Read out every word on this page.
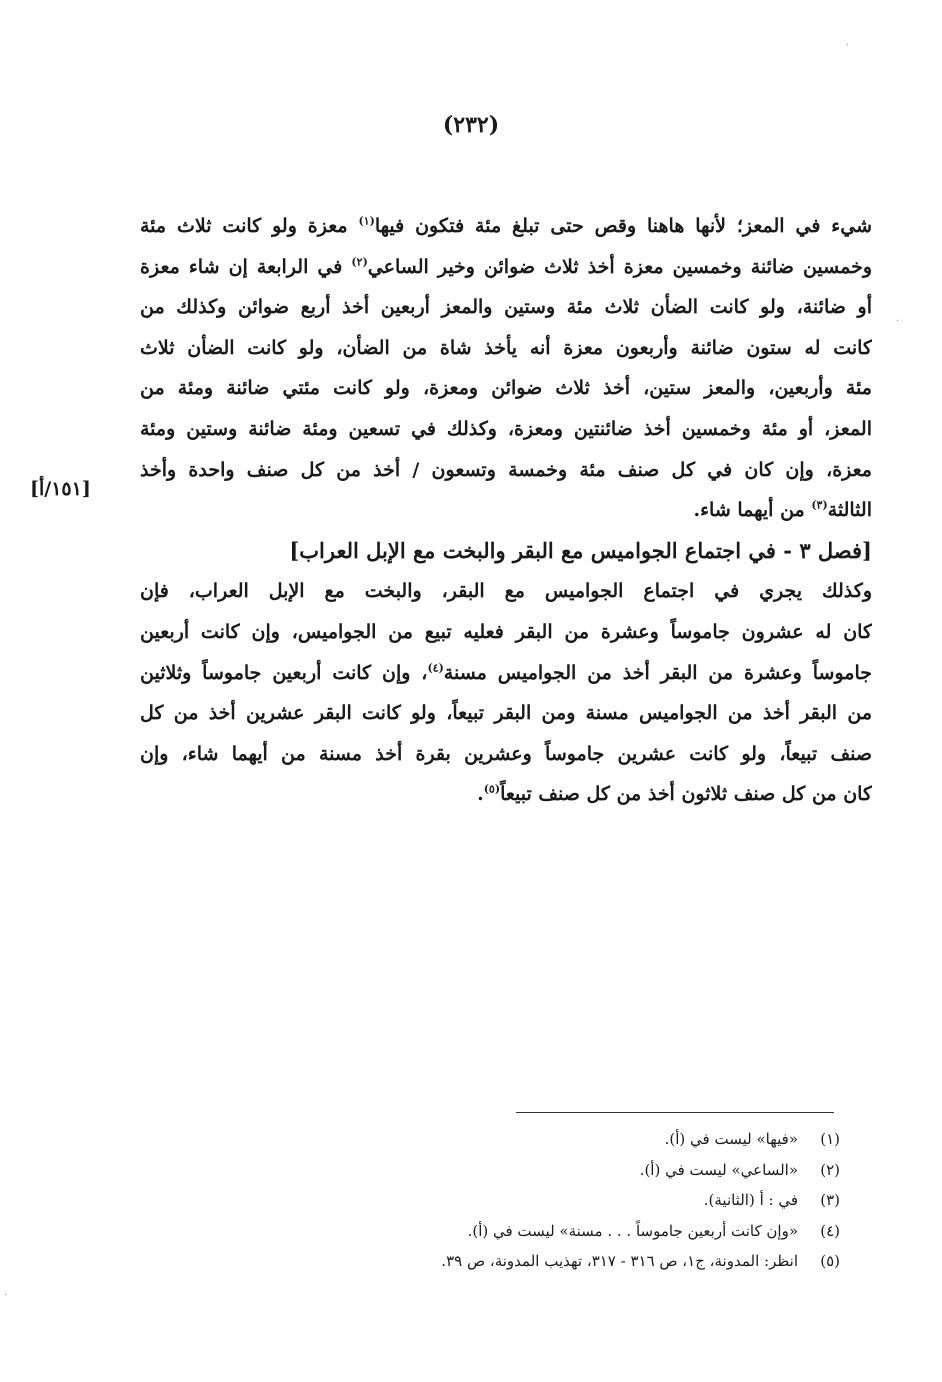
(٢٣٢)
[١٥١/أ]
شيء في المعز؛ لأنها هاهنا وقص حتى تبلغ مئة فتكون فيها$^{(١)}$ معزة ولو كانت ثلاث مئة
وخمسين ضائنة وخمسين معزة أخذ ثلاث ضوائن وخير الساعي$^{(٢)}$ في الرابعة إن شاء معزة
أو ضائنة، ولو كانت الضأن ثلاث مئة وستين والمعز أربعين أخذ أربع ضوائن وكذلك من
كانت له ستون ضائنة وأربعون معزة أنه يأخذ شاة من الضأن، ولو كانت الضأن ثلاث
مئة وأربعين، والمعز ستين، أخذ ثلاث ضوائن ومعزة، ولو كانت مئتي ضائنة ومئة من
المعز، أو مئة وخمسين أخذ ضائنتين ومعزة، وكذلك في تسعين ومئة ضائنة وستين ومئة
معزة، وإن كان في كل صنف مئة وخمسة وتسعون / أخذ من كل صنف واحدة وأخذ
الثالثة$^{(٣)}$ من أيهما شاء.
[فصل ٣ - في اجتماع الجواميس مع البقر والبخت مع الإبل العراب]
وكذلك يجري في اجتماع الجواميس مع البقر، والبخت مع الإبل العراب، فإن
كان له عشرون جاموساً وعشرة من البقر فعليه تبيع من الجواميس، وإن كانت أربعين
جاموساً وعشرة من البقر أخذ من الجواميس مسنة$^{(٤)}$، وإن كانت أربعين جاموساً وثلاثين
من البقر أخذ من الجواميس مسنة ومن البقر تبيعاً، ولو كانت البقر عشرين أخذ من كل
صنف تبيعاً، ولو كانت عشرين جاموساً وعشرين بقرة أخذ مسنة من أيهما شاء، وإن
كان من كل صنف ثلاثون أخذ من كل صنف تبيعاً$^{(٥)}$.
(١)
«فيها» ليست في (أ).
(٢)
«الساعي» ليست في (أ).
(٣)
في : أ (الثانية).
(٤)
«وإن كانت أربعين جاموساً . . . مسنة» ليست في (أ).
(٥)
انظر: المدونة، ج١، ص ٣١٦ - ٣١٧، تهذيب المدونة، ص ٣٩.
·
·
·
